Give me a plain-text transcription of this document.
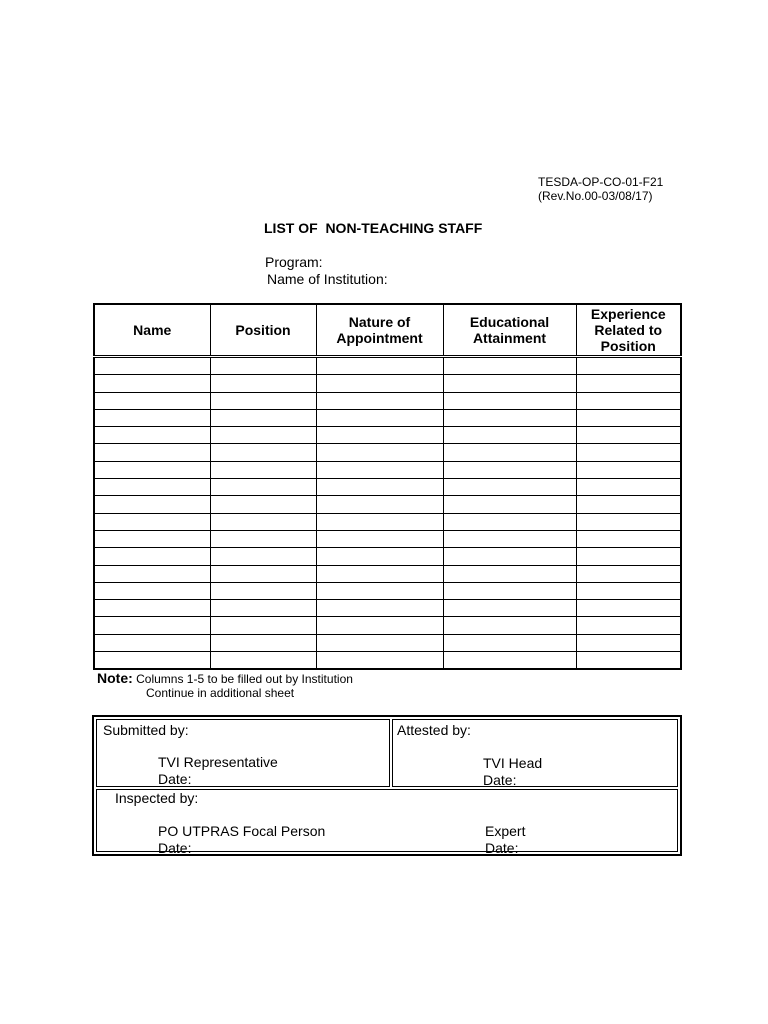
TESDA-OP-CO-01-F21
(Rev.No.00-03/08/17)
LIST OF  NON-TEACHING STAFF
Program:
Name of Institution:
Name	Position	Nature of Appointment	Educational Attainment	Experience Related to Position

Note: Columns 1-5 to be filled out by Institution
Continue in additional sheet
Submitted by:
TVI Representative
Date:
Attested by:
TVI Head
Date:
Inspected by:
PO UTPRAS Focal Person
Date:
Expert
Date:
